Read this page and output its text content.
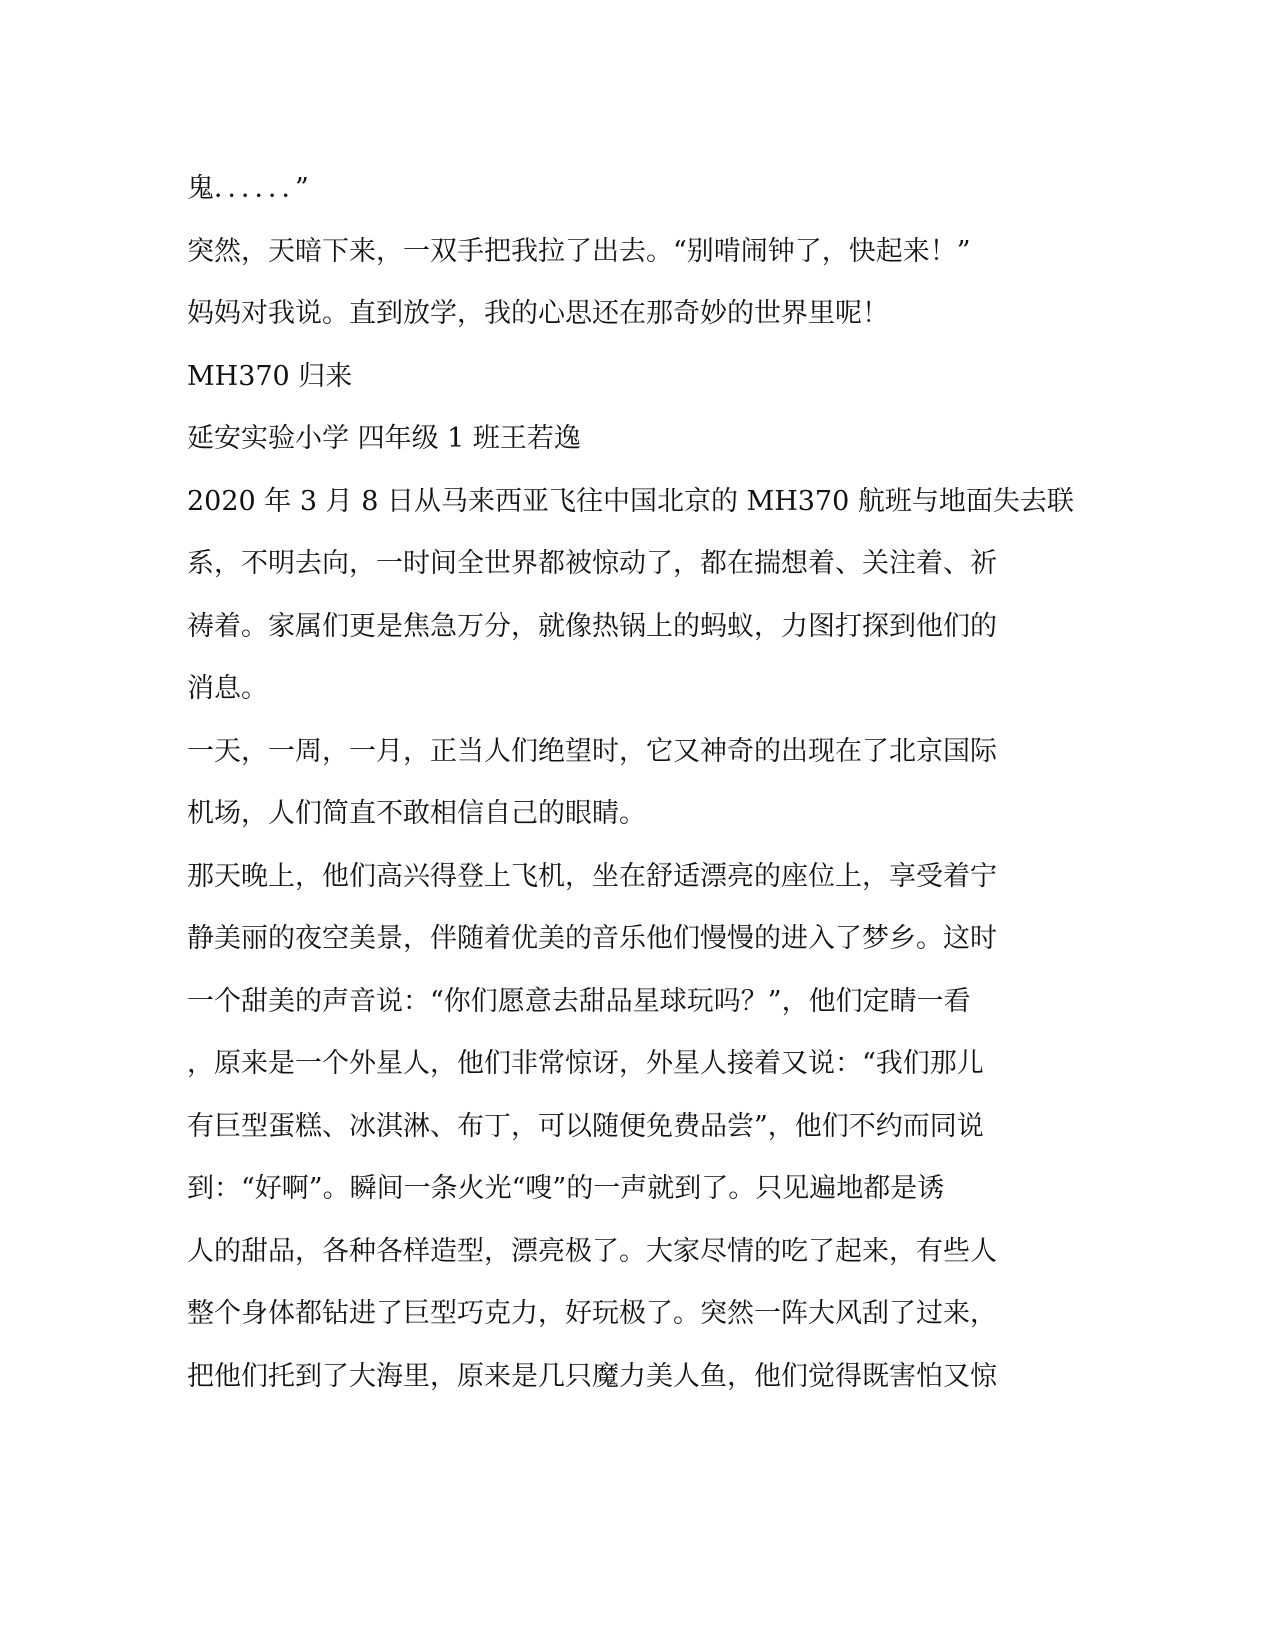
鬼．．．．．．”
突然，天暗下来，一双手把我拉了出去。“别啃闹钟了，快起来！”
妈妈对我说。直到放学，我的心思还在那奇妙的世界里呢！
MH370 归来
延安实验小学 四年级 1 班王若逸
2020 年 3 月 8 日从马来西亚飞往中国北京的 MH370 航班与地面失去联
系，不明去向，一时间全世界都被惊动了，都在揣想着、关注着、祈
祷着。家属们更是焦急万分，就像热锅上的蚂蚁，力图打探到他们的
消息。
一天，一周，一月，正当人们绝望时，它又神奇的出现在了北京国际
机场，人们简直不敢相信自己的眼睛。
那天晚上，他们高兴得登上飞机，坐在舒适漂亮的座位上，享受着宁
静美丽的夜空美景，伴随着优美的音乐他们慢慢的进入了梦乡。这时
一个甜美的声音说：“你们愿意去甜品星球玩吗？”，他们定睛一看
，原来是一个外星人，他们非常惊讶，外星人接着又说：“我们那儿
有巨型蛋糕、冰淇淋、布丁，可以随便免费品尝”，他们不约而同说
到：“好啊”。瞬间一条火光“嗖”的一声就到了。只见遍地都是诱
人的甜品，各种各样造型，漂亮极了。大家尽情的吃了起来，有些人
整个身体都钻进了巨型巧克力，好玩极了。突然一阵大风刮了过来，
把他们托到了大海里，原来是几只魔力美人鱼，他们觉得既害怕又惊
